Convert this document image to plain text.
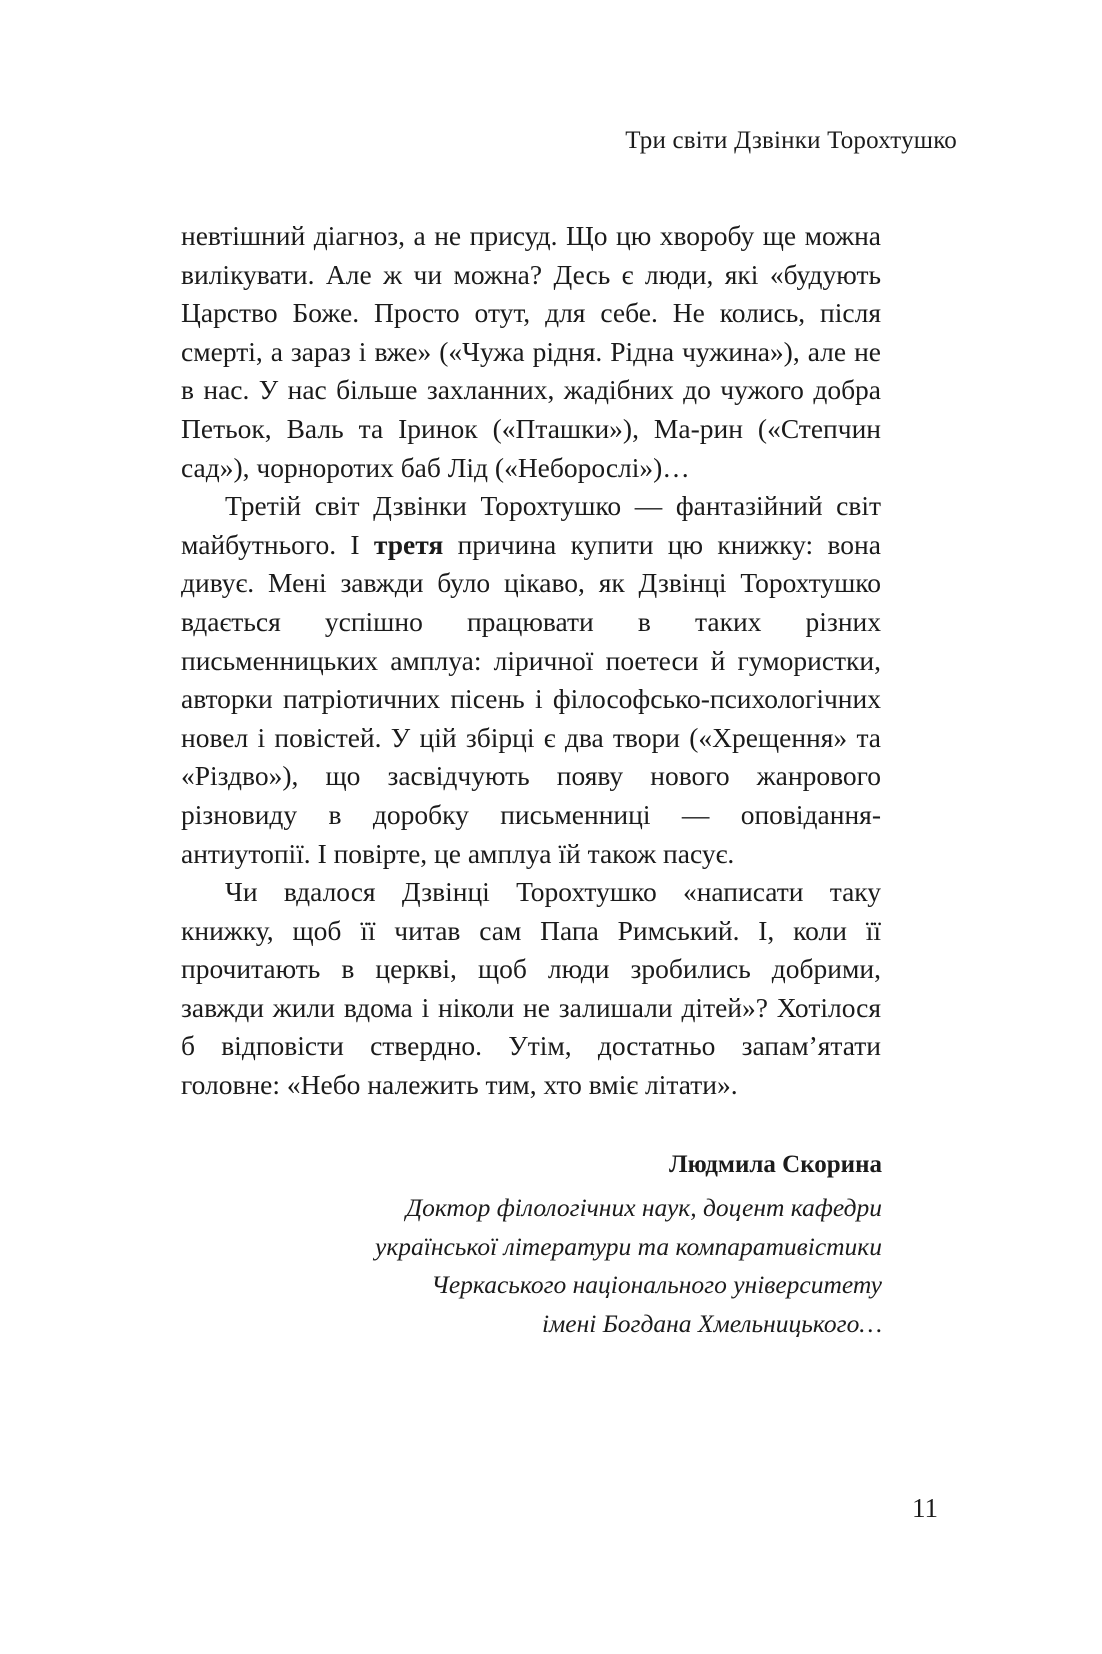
Три світи Дзвінки Торохтушко

невтішний діагноз, а не присуд. Що цю хворобу ще можна вилікувати. Але ж чи можна? Десь є люди, які «будують Царство Боже. Просто отут, для себе. Не колись, після смерті, а зараз і вже» («Чужа рідня. Рідна чужина»), але не в нас. У нас більше захланних, жадібних до чужого добра Петьок, Валь та Іринок («Пташки»), Ма-рин («Степчин сад»), чорноротих баб Лід («Неборослі»)…

Третій світ Дзвінки Торохтушко — фантазійний світ майбутнього. І третя причина купити цю книжку: вона дивує. Мені завжди було цікаво, як Дзвінці Торохтушко вдається успішно працювати в таких різних письменницьких амплуа: ліричної поетеси й гумористки, авторки патріотичних пісень і філософсько-психологічних новел і повістей. У цій збірці є два твори («Хрещення» та «Різдво»), що засвідчують появу нового жанрового різновиду в доробку письменниці — оповідання-антиутопії. І повірте, це амплуа їй також пасує.

Чи вдалося Дзвінці Торохтушко «написати таку книжку, щоб її читав сам Папа Римський. І, коли її прочитають в церкві, щоб люди зробились добрими, завжди жили вдома і ніколи не залишали дітей»? Хотілося б відповісти ствердно. Утім, достатньо запам’ятати головне: «Небо належить тим, хто вміє літати».

Людмила Скорина
Доктор філологічних наук, доцент кафедри
української літератури та компаративістики
Черкаського національного університету
імені Богдана Хмельницького…
11
